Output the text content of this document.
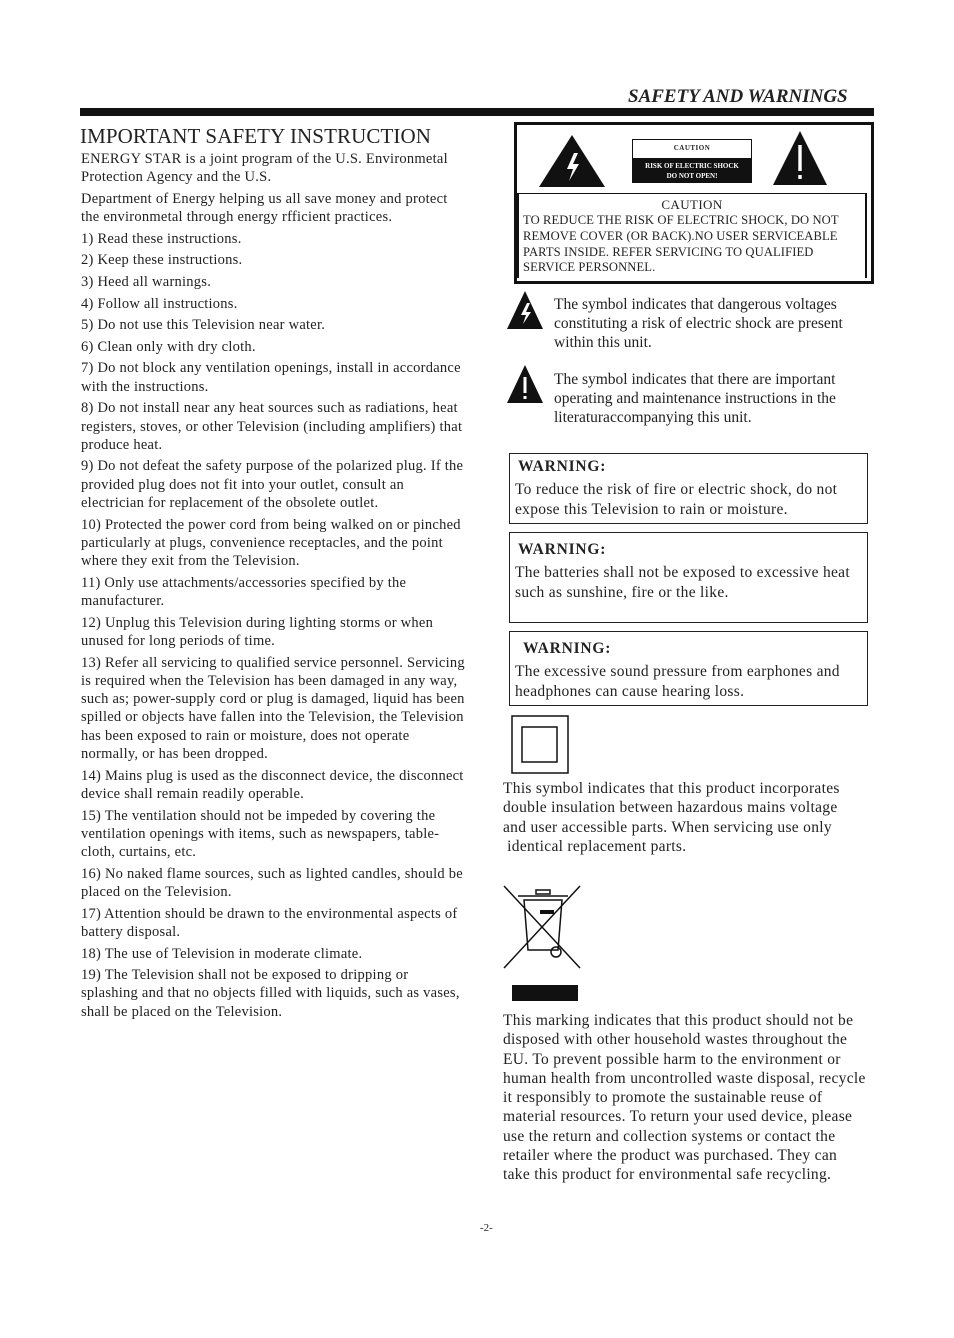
SAFETY AND WARNINGS
IMPORTANT SAFETY INSTRUCTION

ENERGY STAR is a joint program of the U.S. Environmetal Protection Agency and the U.S.

Department of Energy helping us all save money and protect the environmetal through energy rfficient practices.

1) Read these instructions.

2) Keep these instructions.

3) Heed all warnings.

4) Follow all instructions.

5) Do not use this Television near water.

6) Clean only with dry cloth.

7) Do not block any ventilation openings, install in accordance with the instructions.

8) Do not install near any heat sources such as radiations, heat registers, stoves, or other Television (including amplifiers) that produce heat.

9) Do not defeat the safety purpose of the polarized plug. If the provided plug does not fit into your outlet, consult an electrician for replacement of the obsolete outlet.

10) Protected the power cord from being walked on or pinched particularly at plugs, convenience receptacles, and the point where they exit from the Television.

11) Only use attachments/accessories specified by the manufacturer.

12) Unplug this Television during lighting storms or when unused for long periods of time.

13) Refer all servicing to qualified service personnel. Servicing is required when the Television has been damaged in any way, such as; power-supply cord or plug is damaged, liquid has been spilled or objects have fallen into the Television, the Television has been exposed to rain or moisture, does not operate normally, or has been dropped.

14) Mains plug is used as the disconnect device, the disconnect device shall remain readily operable.

15) The ventilation should not be impeded by covering the ventilation openings with items, such as newspapers, table-cloth, curtains, etc.

16) No naked flame sources, such as lighted candles, should be placed on the Television.

17) Attention should be drawn to the environmental aspects of battery disposal.

18) The use of Television in moderate climate.

19) The Television shall not be exposed to dripping or splashing and that no objects filled with liquids, such as vases, shall be placed on the Television.

CAUTION
RISK OF ELECTRIC SHOCK
DO NOT OPEN!
CAUTION
TO REDUCE THE RISK OF ELECTRIC SHOCK, DO NOT REMOVE COVER (OR BACK).NO USER SERVICEABLE PARTS INSIDE. REFER SERVICING TO QUALIFIED SERVICE PERSONNEL.
The symbol indicates that dangerous voltages constituting a risk of electric shock are present within this unit.
The symbol indicates that there are important operating and maintenance instructions in the literaturaccompanying this unit.
WARNING:
To reduce the risk of fire or electric shock, do not expose this Television to rain or moisture.
WARNING:
The batteries shall not be exposed to excessive heat such as sunshine, fire or the like.
WARNING:
The excessive sound pressure from earphones and headphones can cause hearing loss.
This symbol indicates that this product incorporates double insulation between hazardous mains voltage and user accessible parts. When servicing use only
identical replacement parts.
This marking indicates that this product should not be disposed with other household wastes throughout the EU. To prevent possible harm to the environment or human health from uncontrolled waste disposal, recycle it responsibly to promote the sustainable reuse of material resources. To return your used device, please use the return and collection systems or contact the retailer where the product was purchased. They can take this product for environmental safe recycling.
-2-
